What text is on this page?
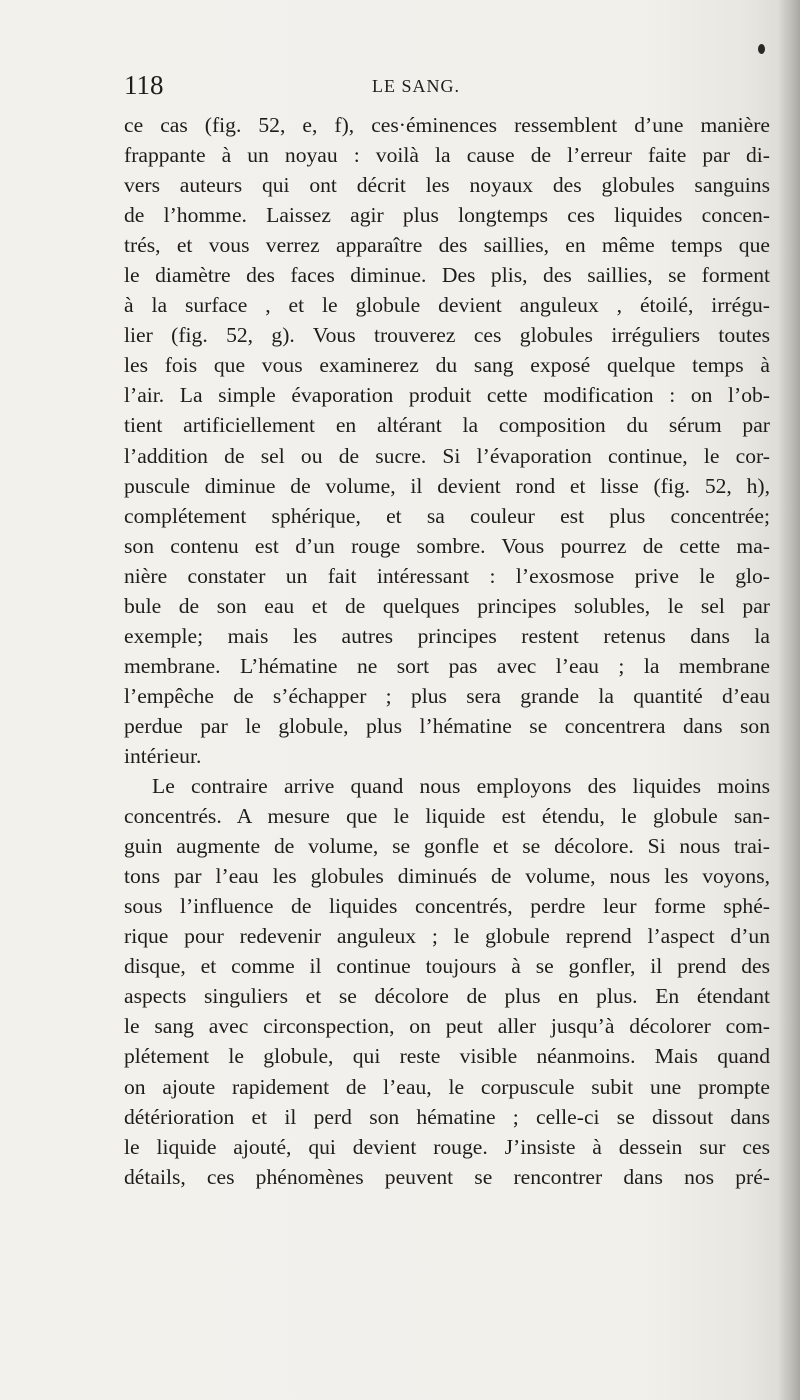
118	LE SANG.
ce cas (fig. 52, e, f), ces·éminences ressemblent d’une manière
frappante à un noyau : voilà la cause de l’erreur faite par di-
vers auteurs qui ont décrit les noyaux des globules sanguins
de l’homme. Laissez agir plus longtemps ces liquides concen-
trés, et vous verrez apparaître des saillies, en même temps que
le diamètre des faces diminue. Des plis, des saillies, se forment
à la surface , et le globule devient anguleux , étoilé, irrégu-
lier (fig. 52, g). Vous trouverez ces globules irréguliers toutes
les fois que vous examinerez du sang exposé quelque temps à
l’air. La simple évaporation produit cette modification : on l’ob-
tient artificiellement en altérant la composition du sérum par
l’addition de sel ou de sucre. Si l’évaporation continue, le cor-
puscule diminue de volume, il devient rond et lisse (fig. 52, h),
complétement sphérique, et sa couleur est plus concentrée;
son contenu est d’un rouge sombre. Vous pourrez de cette ma-
nière constater un fait intéressant : l’exosmose prive le glo-
bule de son eau et de quelques principes solubles, le sel par
exemple; mais les autres principes restent retenus dans la
membrane. L’hématine ne sort pas avec l’eau ; la membrane
l’empêche de s’échapper ; plus sera grande la quantité d’eau
perdue par le globule, plus l’hématine se concentrera dans son
intérieur.
Le contraire arrive quand nous employons des liquides moins
concentrés. A mesure que le liquide est étendu, le globule san-
guin augmente de volume, se gonfle et se décolore. Si nous trai-
tons par l’eau les globules diminués de volume, nous les voyons,
sous l’influence de liquides concentrés, perdre leur forme sphé-
rique pour redevenir anguleux ; le globule reprend l’aspect d’un
disque, et comme il continue toujours à se gonfler, il prend des
aspects singuliers et se décolore de plus en plus. En étendant
le sang avec circonspection, on peut aller jusqu’à décolorer com-
plétement le globule, qui reste visible néanmoins. Mais quand
on ajoute rapidement de l’eau, le corpuscule subit une prompte
détérioration et il perd son hématine ; celle-ci se dissout dans
le liquide ajouté, qui devient rouge. J’insiste à dessein sur ces
détails, ces phénomènes peuvent se rencontrer dans nos pré-
